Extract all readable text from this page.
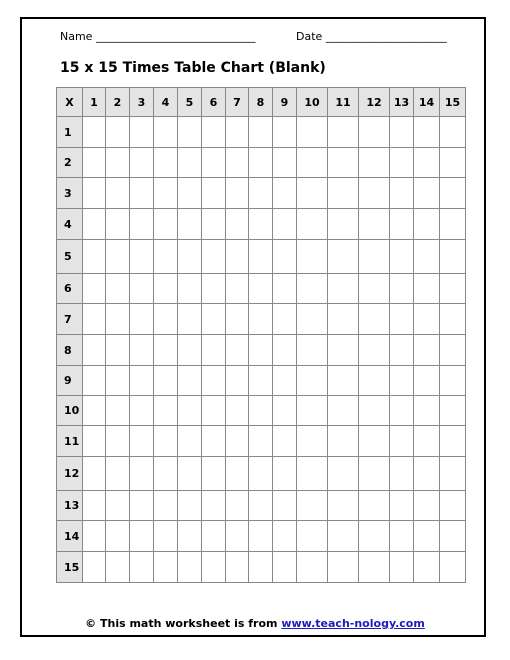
Name _____________________________	Date ______________________
15 x 15 Times Table Chart (Blank)
X	1	2	3	4	5	6	7	8	9	10	11	12	13	14	15
1															
2															
3															
4															
5															
6															
7															
8															
9															
10															
11															
12															
13															
14															
15															
© This math worksheet is from www.teach-nology.com
